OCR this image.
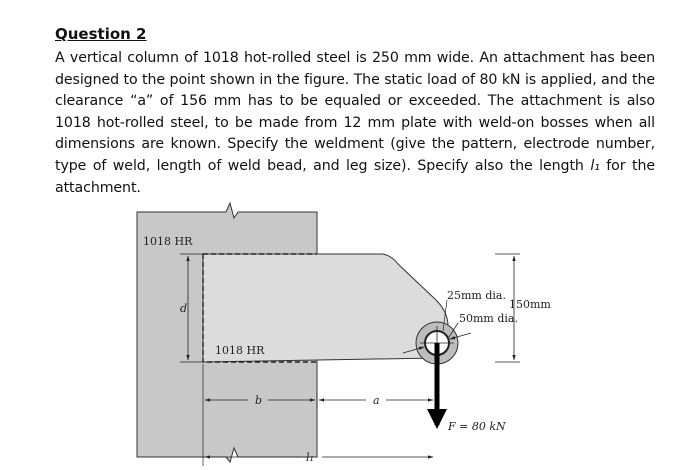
Question 2

A vertical column of 1018 hot-rolled steel is 250 mm wide. An attachment has been designed to the point shown in the figure. The static load of 80 kN is applied, and the clearance “a” of 156 mm has to be equaled or exceeded. The attachment is also 1018 hot-rolled steel, to be made from 12 mm plate with weld-on bosses when all dimensions are known. Specify the weldment (give the pattern, electrode number, type of weld, length of weld bead, and leg size). Specify also the length l₁ for the attachment.

1018 HR
1018 HR
d
b	a
l₁
25mm dia.
50mm dia.
150mm
F = 80 kN
